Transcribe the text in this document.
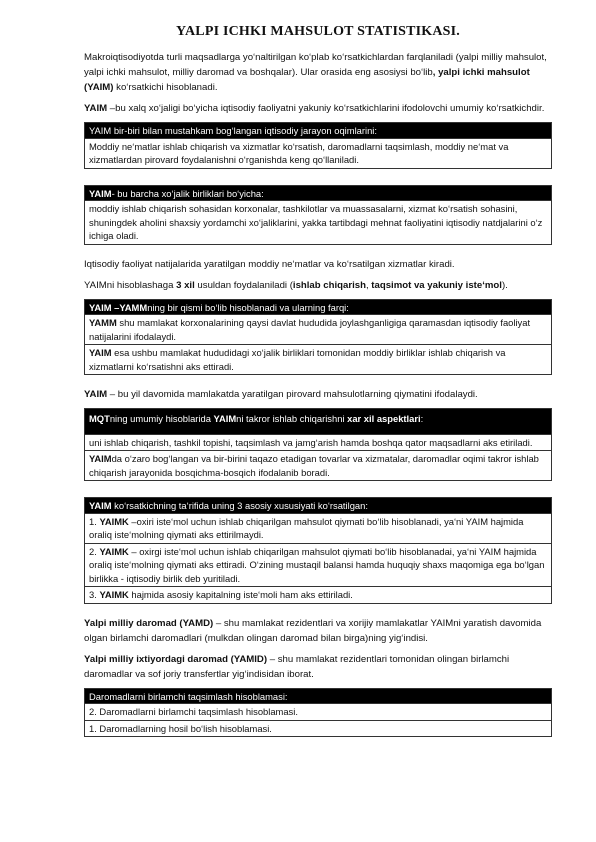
YALPI ICHKI MAHSULOT STATISTIKASI.

Makroiqtisodiyotda turli maqsadlarga yo‘naltirilgan ko‘plab ko‘rsatkichlardan farqlaniladi (yalpi milliy mahsulot, yalpi ichki mahsulot, milliy daromad va boshqalar). Ular orasida eng asosiysi bo‘lib, yalpi ichki mahsulot (YAIM) ko‘rsatkichi hisoblanadi.

YAIM –bu xalq xo‘jaligi bo‘yicha iqtisodiy faoliyatni yakuniy ko‘rsatkichlarini ifodolovchi umumiy ko‘rsatkichdir.

YAIM bir-biri bilan mustahkam bog‘langan iqtisodiy jarayon oqimlarini:
Moddiy ne‘matlar ishlab chiqarish va xizmatlar ko‘rsatish, daromadlarni taqsimlash, moddiy ne‘mat va xizmatlardan pirovard foydalanishni o‘rganishda keng qo‘llaniladi.
YAIM- bu barcha xo‘jalik birliklari bo‘yicha:
moddiy ishlab chiqarish sohasidan korxonalar, tashkilotlar va muassasalarni, xizmat ko‘rsatish sohasini, shuningdek aholini shaxsiy yordamchi xo‘jaliklarini, yakka tartibdagi mehnat faoliyatini iqtisodiy natdjalarini o‘z ichiga oladi.

Iqtisodiy faoliyat natijalarida yaratilgan moddiy ne‘matlar va ko‘rsatilgan xizmatlar kiradi.

YAIMni hisoblashaga 3 xil usuldan foydalaniladi (ishlab chiqarish, taqsimot va yakuniy iste‘mol).

YAIM –YAMMning bir qismi bo‘lib hisoblanadi va ularning farqi:
YAMM shu mamlakat korxonalarining qaysi davlat hududida joylashganligiga qaramasdan iqtisodiy faoliyat natijalarini ifodalaydi.
YAIM esa ushbu mamlakat hududidagi xo‘jalik birliklari tomonidan moddiy birliklar ishlab chiqarish va xizmatlarni ko‘rsatishni aks ettiradi.

YAIM – bu yil davomida mamlakatda yaratilgan pirovard mahsulotlarning qiymatini ifodalaydi.

MQTning umumiy hisoblarida YAIMni takror ishlab chiqarishni xar xil aspektlari:
uni ishlab chiqarish, tashkil topishi, taqsimlash va jamg‘arish hamda boshqa qator maqsadlarni aks etiriladi.
YAIMda o‘zaro bog‘langan va bir-birini taqazo etadigan tovarlar va xizmatalar, daromadlar oqimi takror ishlab chiqarish jarayonida bosqichma-bosqich ifodalanib boradi.
YAIM ko‘rsatkichning ta‘rifida uning 3 asosiy xususiyati ko‘rsatilgan:
1. YAIMK –oxiri iste‘mol uchun ishlab chiqarilgan mahsulot qiymati bo‘lib hisoblanadi, ya‘ni YAIM hajmida oraliq iste‘molning qiymati aks ettirilmaydi.
2. YAIMK – oxirgi iste‘mol uchun ishlab chiqarilgan mahsulot qiymati bo‘lib hisoblanadai, ya‘ni YAIM hajmida oraliq iste‘molning qiymati aks ettiradi. O‘zining mustaqil balansi hamda huquqiy shaxs maqomiga ega bo‘lgan birlikka - iqtisodiy birlik deb yuritiladi.
3. YAIMK hajmida asosiy kapitalning iste‘moli ham aks ettiriladi.

Yalpi milliy daromad (YAMD) – shu mamlakat rezidentlari va xorijiy mamlakatlar YAIMni yaratish davomida olgan birlamchi daromadlari (mulkdan olingan daromad bilan birga)ning yig‘indisi.

Yalpi milliy ixtiyordagi daromad (YAMID) – shu mamlakat rezidentlari tomonidan olingan birlamchi daromadlar va sof joriy transfertlar yig‘indisidan iborat.

Daromadlarni birlamchi taqsimlash hisoblamasi:
2. Daromadlarni birlamchi taqsimlash hisoblamasi.
1. Daromadlarning hosil bo‘lish hisoblamasi.
